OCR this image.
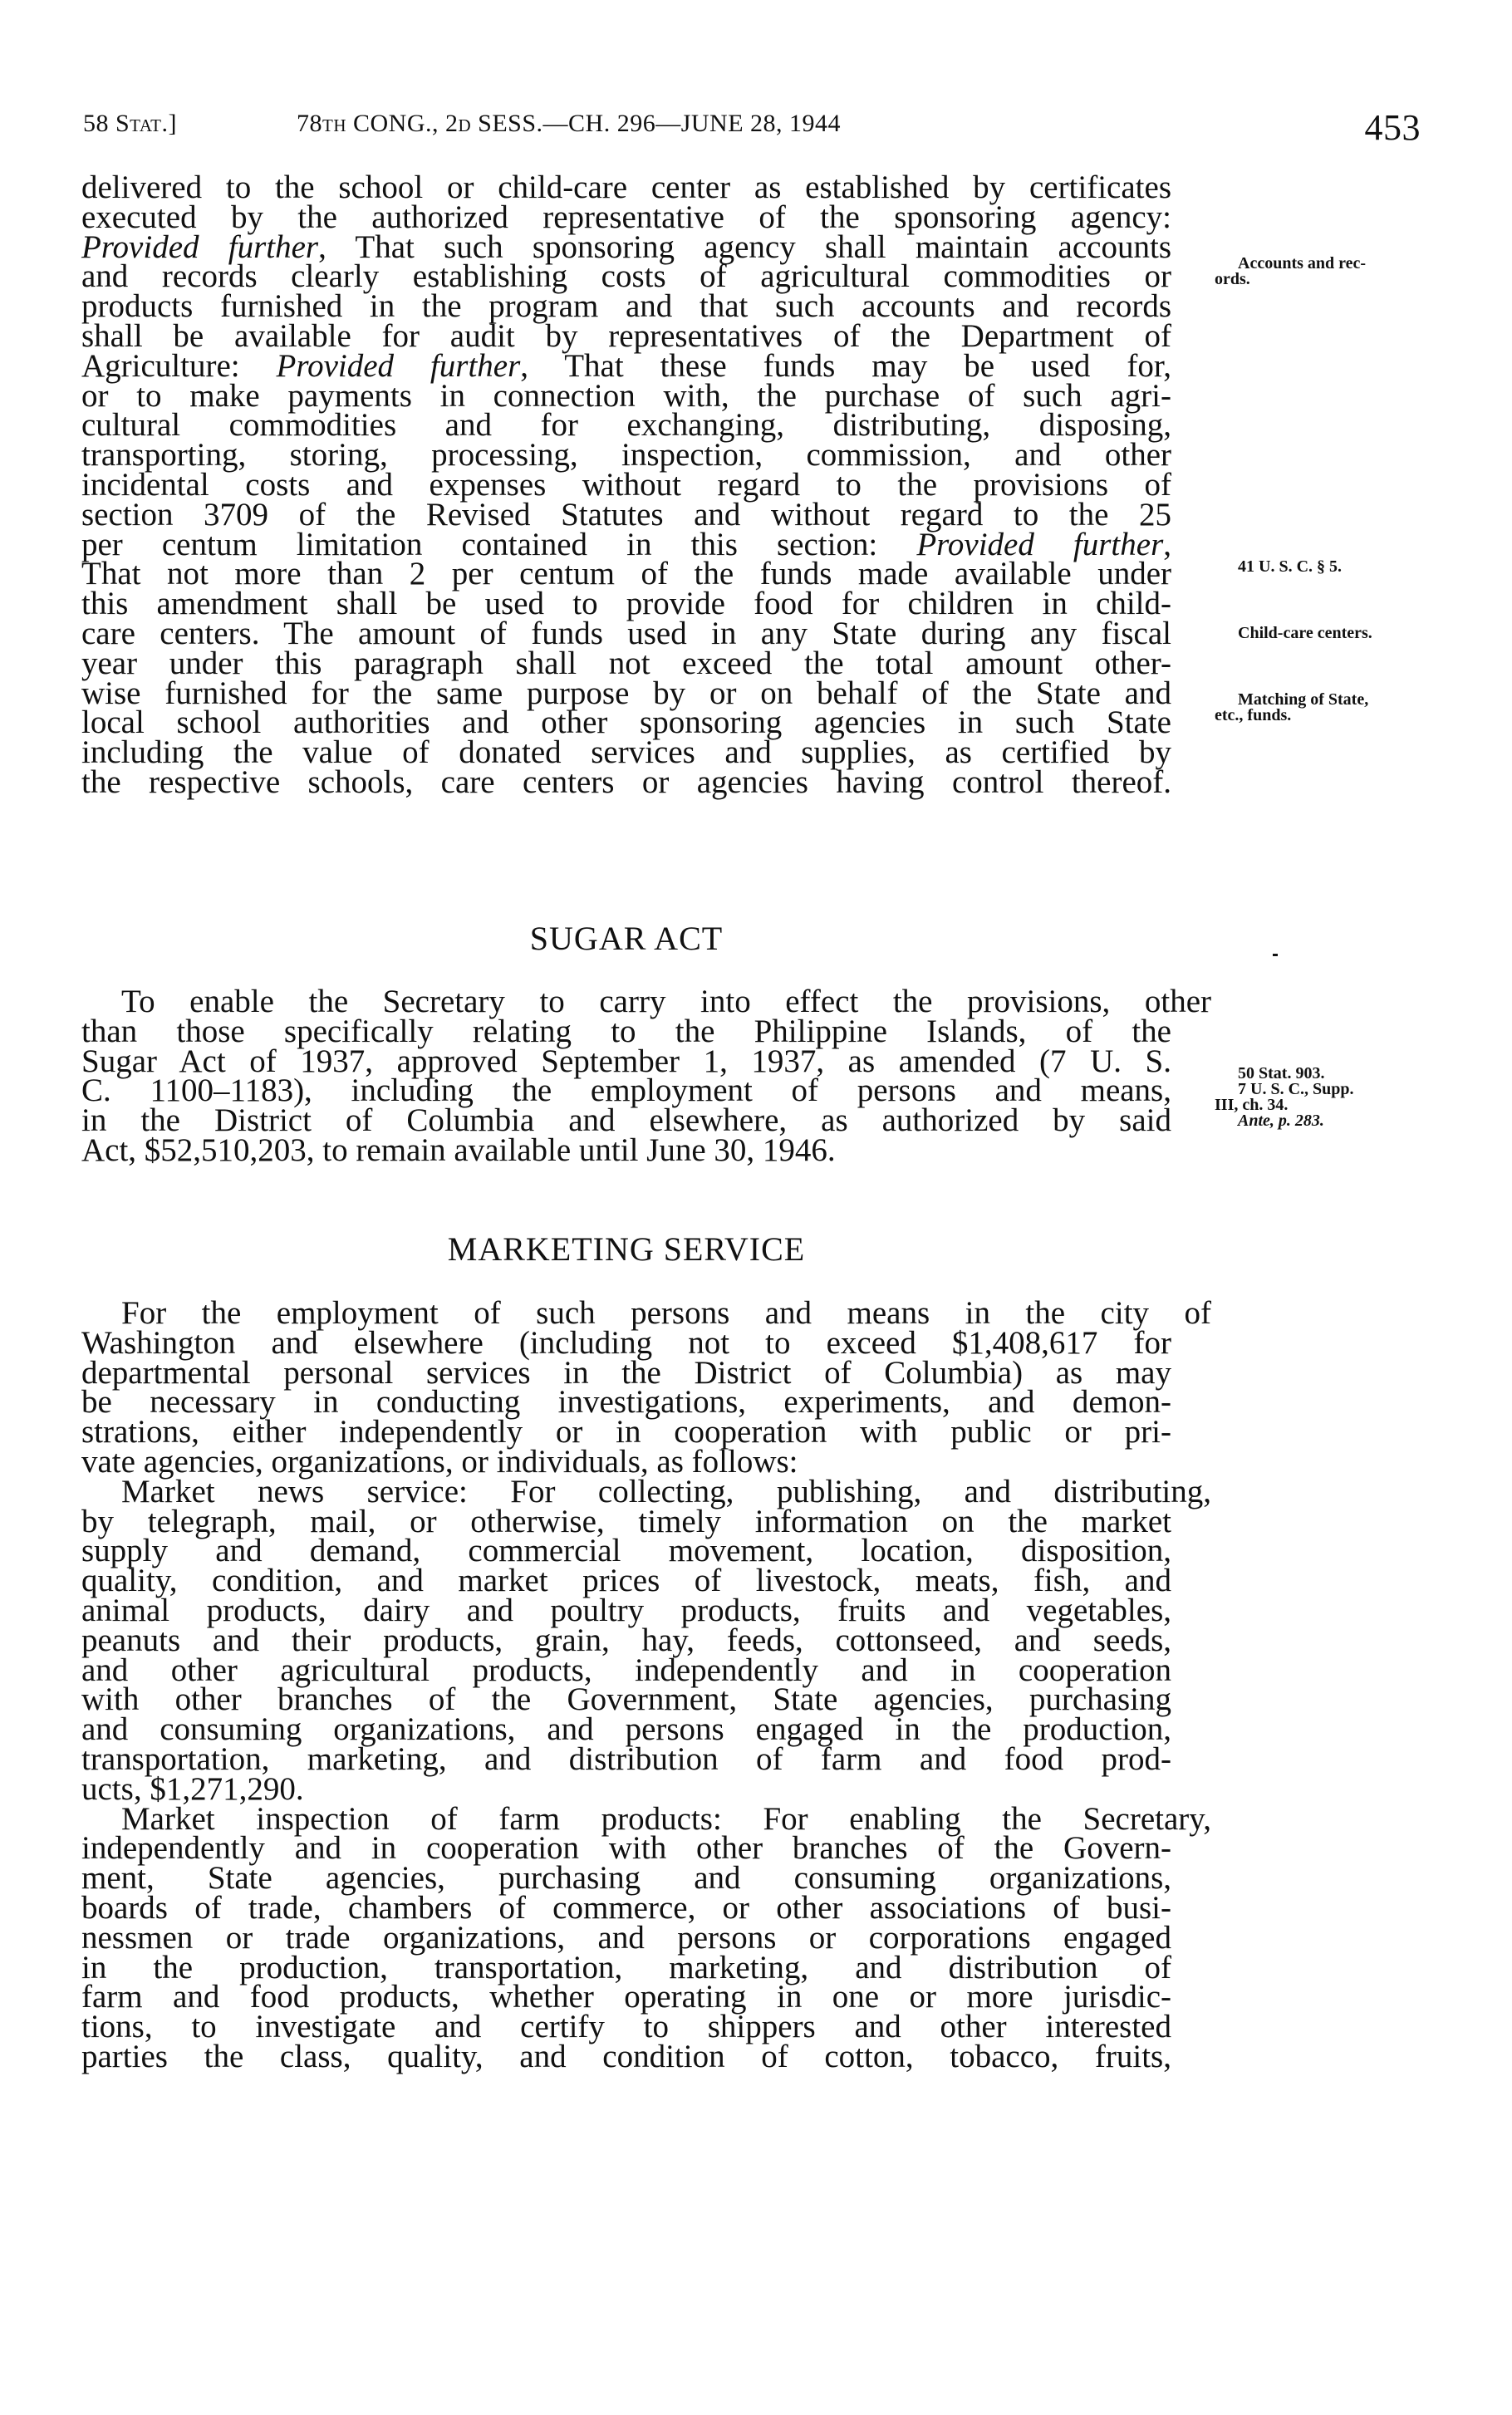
58 Stat.]	78th CONG., 2d SESS.—CH. 296—JUNE 28, 1944	453
delivered to the school or child-care center as established by certificates
executed by the authorized representative of the sponsoring agency:
Provided further, That such sponsoring agency shall maintain accounts
and records clearly establishing costs of agricultural commodities or
products furnished in the program and that such accounts and records
shall be available for audit by representatives of the Department of
Agriculture: Provided further, That these funds may be used for,
or to make payments in connection with, the purchase of such agri-
cultural commodities and for exchanging, distributing, disposing,
transporting, storing, processing, inspection, commission, and other
incidental costs and expenses without regard to the provisions of
section 3709 of the Revised Statutes and without regard to the 25
per centum limitation contained in this section: Provided further,
That not more than 2 per centum of the funds made available under
this amendment shall be used to provide food for children in child-
care centers. The amount of funds used in any State during any fiscal
year under this paragraph shall not exceed the total amount other-
wise furnished for the same purpose by or on behalf of the State and
local school authorities and other sponsoring agencies in such State
including the value of donated services and supplies, as certified by
the respective schools, care centers or agencies having control thereof.
SUGAR ACT
To enable the Secretary to carry into effect the provisions, other
than those specifically relating to the Philippine Islands, of the
Sugar Act of 1937, approved September 1, 1937, as amended (7 U. S.
C. 1100–1183), including the employment of persons and means,
in the District of Columbia and elsewhere, as authorized by said
Act, $52,510,203, to remain available until June 30, 1946.
MARKETING SERVICE
For the employment of such persons and means in the city of
Washington and elsewhere (including not to exceed $1,408,617 for
departmental personal services in the District of Columbia) as may
be necessary in conducting investigations, experiments, and demon-
strations, either independently or in cooperation with public or pri-
vate agencies, organizations, or individuals, as follows:
Market news service: For collecting, publishing, and distributing,
by telegraph, mail, or otherwise, timely information on the market
supply and demand, commercial movement, location, disposition,
quality, condition, and market prices of livestock, meats, fish, and
animal products, dairy and poultry products, fruits and vegetables,
peanuts and their products, grain, hay, feeds, cottonseed, and seeds,
and other agricultural products, independently and in cooperation
with other branches of the Government, State agencies, purchasing
and consuming organizations, and persons engaged in the production,
transportation, marketing, and distribution of farm and food prod-
ucts, $1,271,290.
Market inspection of farm products: For enabling the Secretary,
independently and in cooperation with other branches of the Govern-
ment, State agencies, purchasing and consuming organizations,
boards of trade, chambers of commerce, or other associations of busi-
nessmen or trade organizations, and persons or corporations engaged
in the production, transportation, marketing, and distribution of
farm and food products, whether operating in one or more jurisdic-
tions, to investigate and certify to shippers and other interested
parties the class, quality, and condition of cotton, tobacco, fruits,
Accounts and rec-
ords.
41 U. S. C. § 5.
Child-care centers.
Matching of State,
etc., funds.
50 Stat. 903.
7 U. S. C., Supp.
III, ch. 34.
Ante, p. 283.
